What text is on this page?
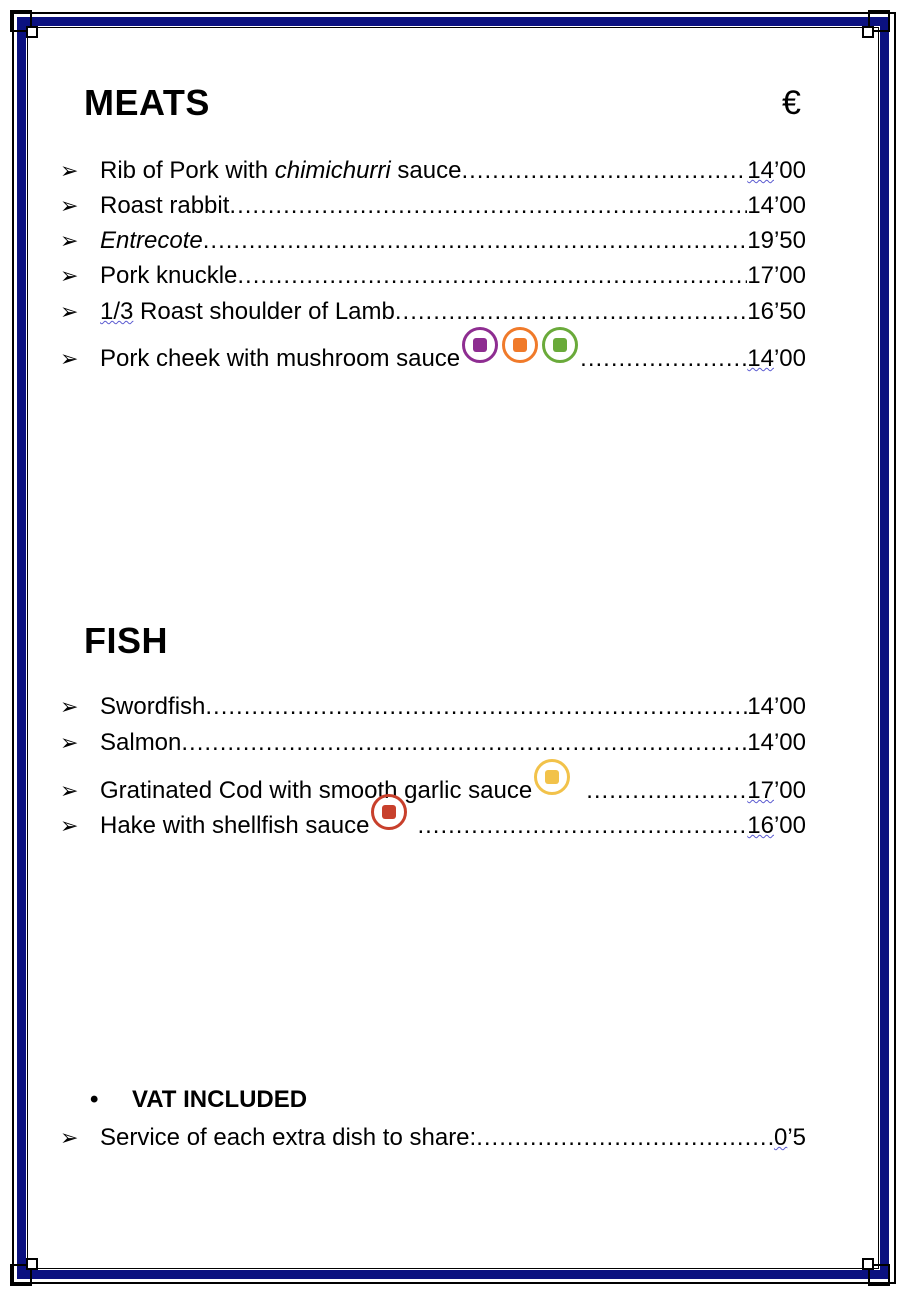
MEATS	€
➢ Rib of Pork with chimichurri sauce .....	14’00
➢ Roast rabbit .....	14’00
➢ Entrecote .....	19’50
➢ Pork knuckle .....	17’00
➢ 1/3 Roast shoulder of Lamb .....	16’50
➢ Pork cheek with mushroom sauce .....	14’00
FISH
➢ Swordfish .....	14’00
➢ Salmon .....	14’00
➢ Gratinated Cod with smooth garlic sauce .....	17’00
➢ Hake with shellfish sauce .....	16’00
• VAT INCLUDED
➢ Service of each extra dish to share: .....	0’5
